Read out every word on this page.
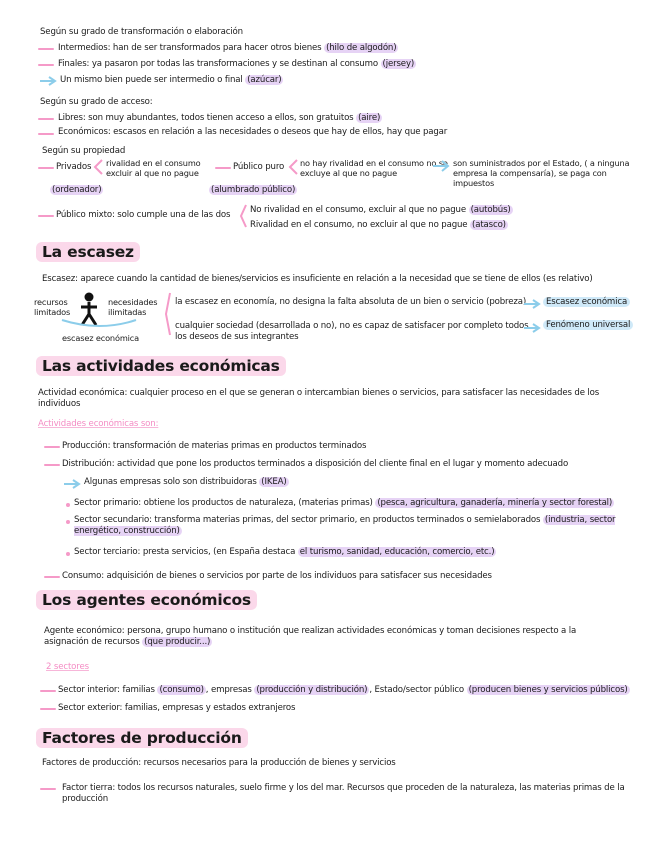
Según su grado de transformación o elaboración
Intermedios: han de ser transformados para hacer otros bienes (hilo de algodón)
Finales: ya pasaron por todas las transformaciones y se destinan al consumo (jersey)
Un mismo bien puede ser intermedio o final (azúcar)
Según su grado de acceso:
Libres: son muy abundantes, todos tienen acceso a ellos, son gratuitos (aire)
Económicos: escasos en relación a las necesidades o deseos que hay de ellos, hay que pagar
Según su propiedad
Privados rivalidad en el consumo excluir al que no pague
(ordenador)
Público puro no hay rivalidad en el consumo no se excluye al que no pague
(alumbrado público)
son suministrados por el Estado, ( a ninguna empresa la compensaría), se paga con impuestos
Público mixto: solo cumple una de las dos No rivalidad en el consumo, excluir al que no pague (autobús)
Rivalidad en el consumo, no excluir al que no pague (atasco)
La escasez
Escasez: aparece cuando la cantidad de bienes/servicios es insuficiente en relación a la necesidad que se tiene de ellos (es relativo)
recursos limitados
necesidades ilimitadas
escasez económica
la escasez en economía, no designa la falta absoluta de un bien o servicio (pobreza)
cualquier sociedad (desarrollada o no), no es capaz de satisfacer por completo todos los deseos de sus integrantes
Escasez económica
Fenómeno universal
Las actividades económicas
Actividad económica: cualquier proceso en el que se generan o intercambian bienes o servicios, para satisfacer las necesidades de los individuos
Actividades económicas son:
Producción: transformación de materias primas en productos terminados
Distribución: actividad que pone los productos terminados a disposición del cliente final en el lugar y momento adecuado
Algunas empresas solo son distribuidoras (IKEA)
Sector primario: obtiene los productos de naturaleza, (materias primas) (pesca, agricultura, ganadería, minería y sector forestal)
Sector secundario: transforma materias primas, del sector primario, en productos terminados o semielaborados (industria, sector energético, construcción)
Sector terciario: presta servicios, (en España destaca el turismo, sanidad, educación, comercio, etc.)
Consumo: adquisición de bienes o servicios por parte de los individuos para satisfacer sus necesidades
Los agentes económicos
Agente económico: persona, grupo humano o institución que realizan actividades económicas y toman decisiones respecto a la asignación de recursos (que producir...)
2 sectores
Sector interior: familias (consumo) , empresas (producción y distribución) , Estado/sector público (producen bienes y servicios públicos)
Sector exterior: familias, empresas y estados extranjeros
Factores de producción
Factores de producción: recursos necesarios para la producción de bienes y servicios
Factor tierra: todos los recursos naturales, suelo firme y los del mar. Recursos que proceden de la naturaleza, las materias primas de la producción
